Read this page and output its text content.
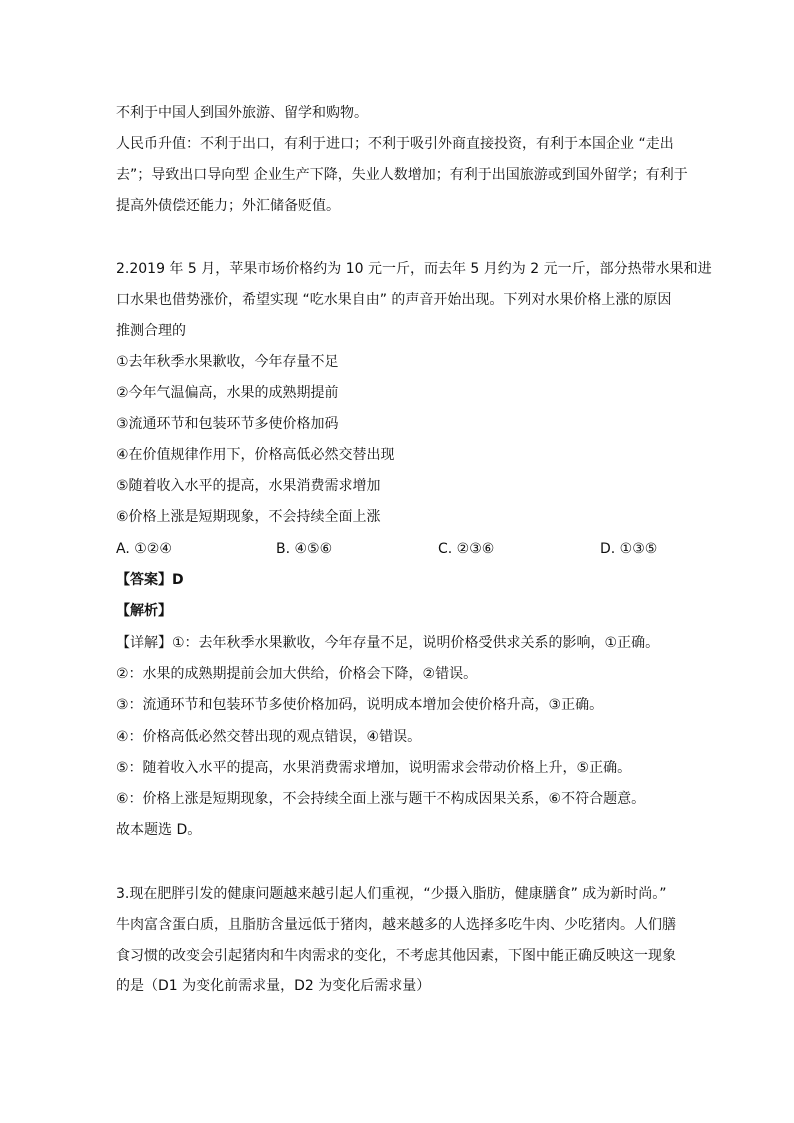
不利于中国人到国外旅游、留学和购物。
人民币升值：不利于出口，有利于进口；不利于吸引外商直接投资，有利于本国企业 “走出
去”；导致出口导向型 企业生产下降，失业人数增加；有利于出国旅游或到国外留学；有利于
提高外债偿还能力；外汇储备贬值。
2.2019 年 5 月，苹果市场价格约为 10 元一斤，而去年 5 月约为 2 元一斤，部分热带水果和进
口水果也借势涨价，希望实现 “吃水果自由” 的声音开始出现。下列对水果价格上涨的原因
推测合理的
①去年秋季水果歉收，今年存量不足
②今年气温偏高，水果的成熟期提前
③流通环节和包装环节多使价格加码
④在价值规律作用下，价格高低必然交替出现
⑤随着收入水平的提高，水果消费需求增加
⑥价格上涨是短期现象，不会持续全面上涨
A. ①②④	B. ④⑤⑥	C. ②③⑥	D. ①③⑤
【答案】D
【解析】
【详解】①：去年秋季水果歉收，今年存量不足，说明价格受供求关系的影响，①正确。
②：水果的成熟期提前会加大供给，价格会下降，②错误。
③：流通环节和包装环节多使价格加码，说明成本增加会使价格升高，③正确。
④：价格高低必然交替出现的观点错误，④错误。
⑤：随着收入水平的提高，水果消费需求增加，说明需求会带动价格上升，⑤正确。
⑥：价格上涨是短期现象，不会持续全面上涨与题干不构成因果关系，⑥不符合题意。
故本题选 D。
3.现在肥胖引发的健康问题越来越引起人们重视，“少摄入脂肪，健康膳食” 成为新时尚。”
牛肉富含蛋白质，且脂肪含量远低于猪肉，越来越多的人选择多吃牛肉、少吃猪肉。人们膳
食习惯的改变会引起猪肉和牛肉需求的变化，不考虑其他因素，下图中能正确反映这一现象
的是（D1 为变化前需求量，D2 为变化后需求量）
